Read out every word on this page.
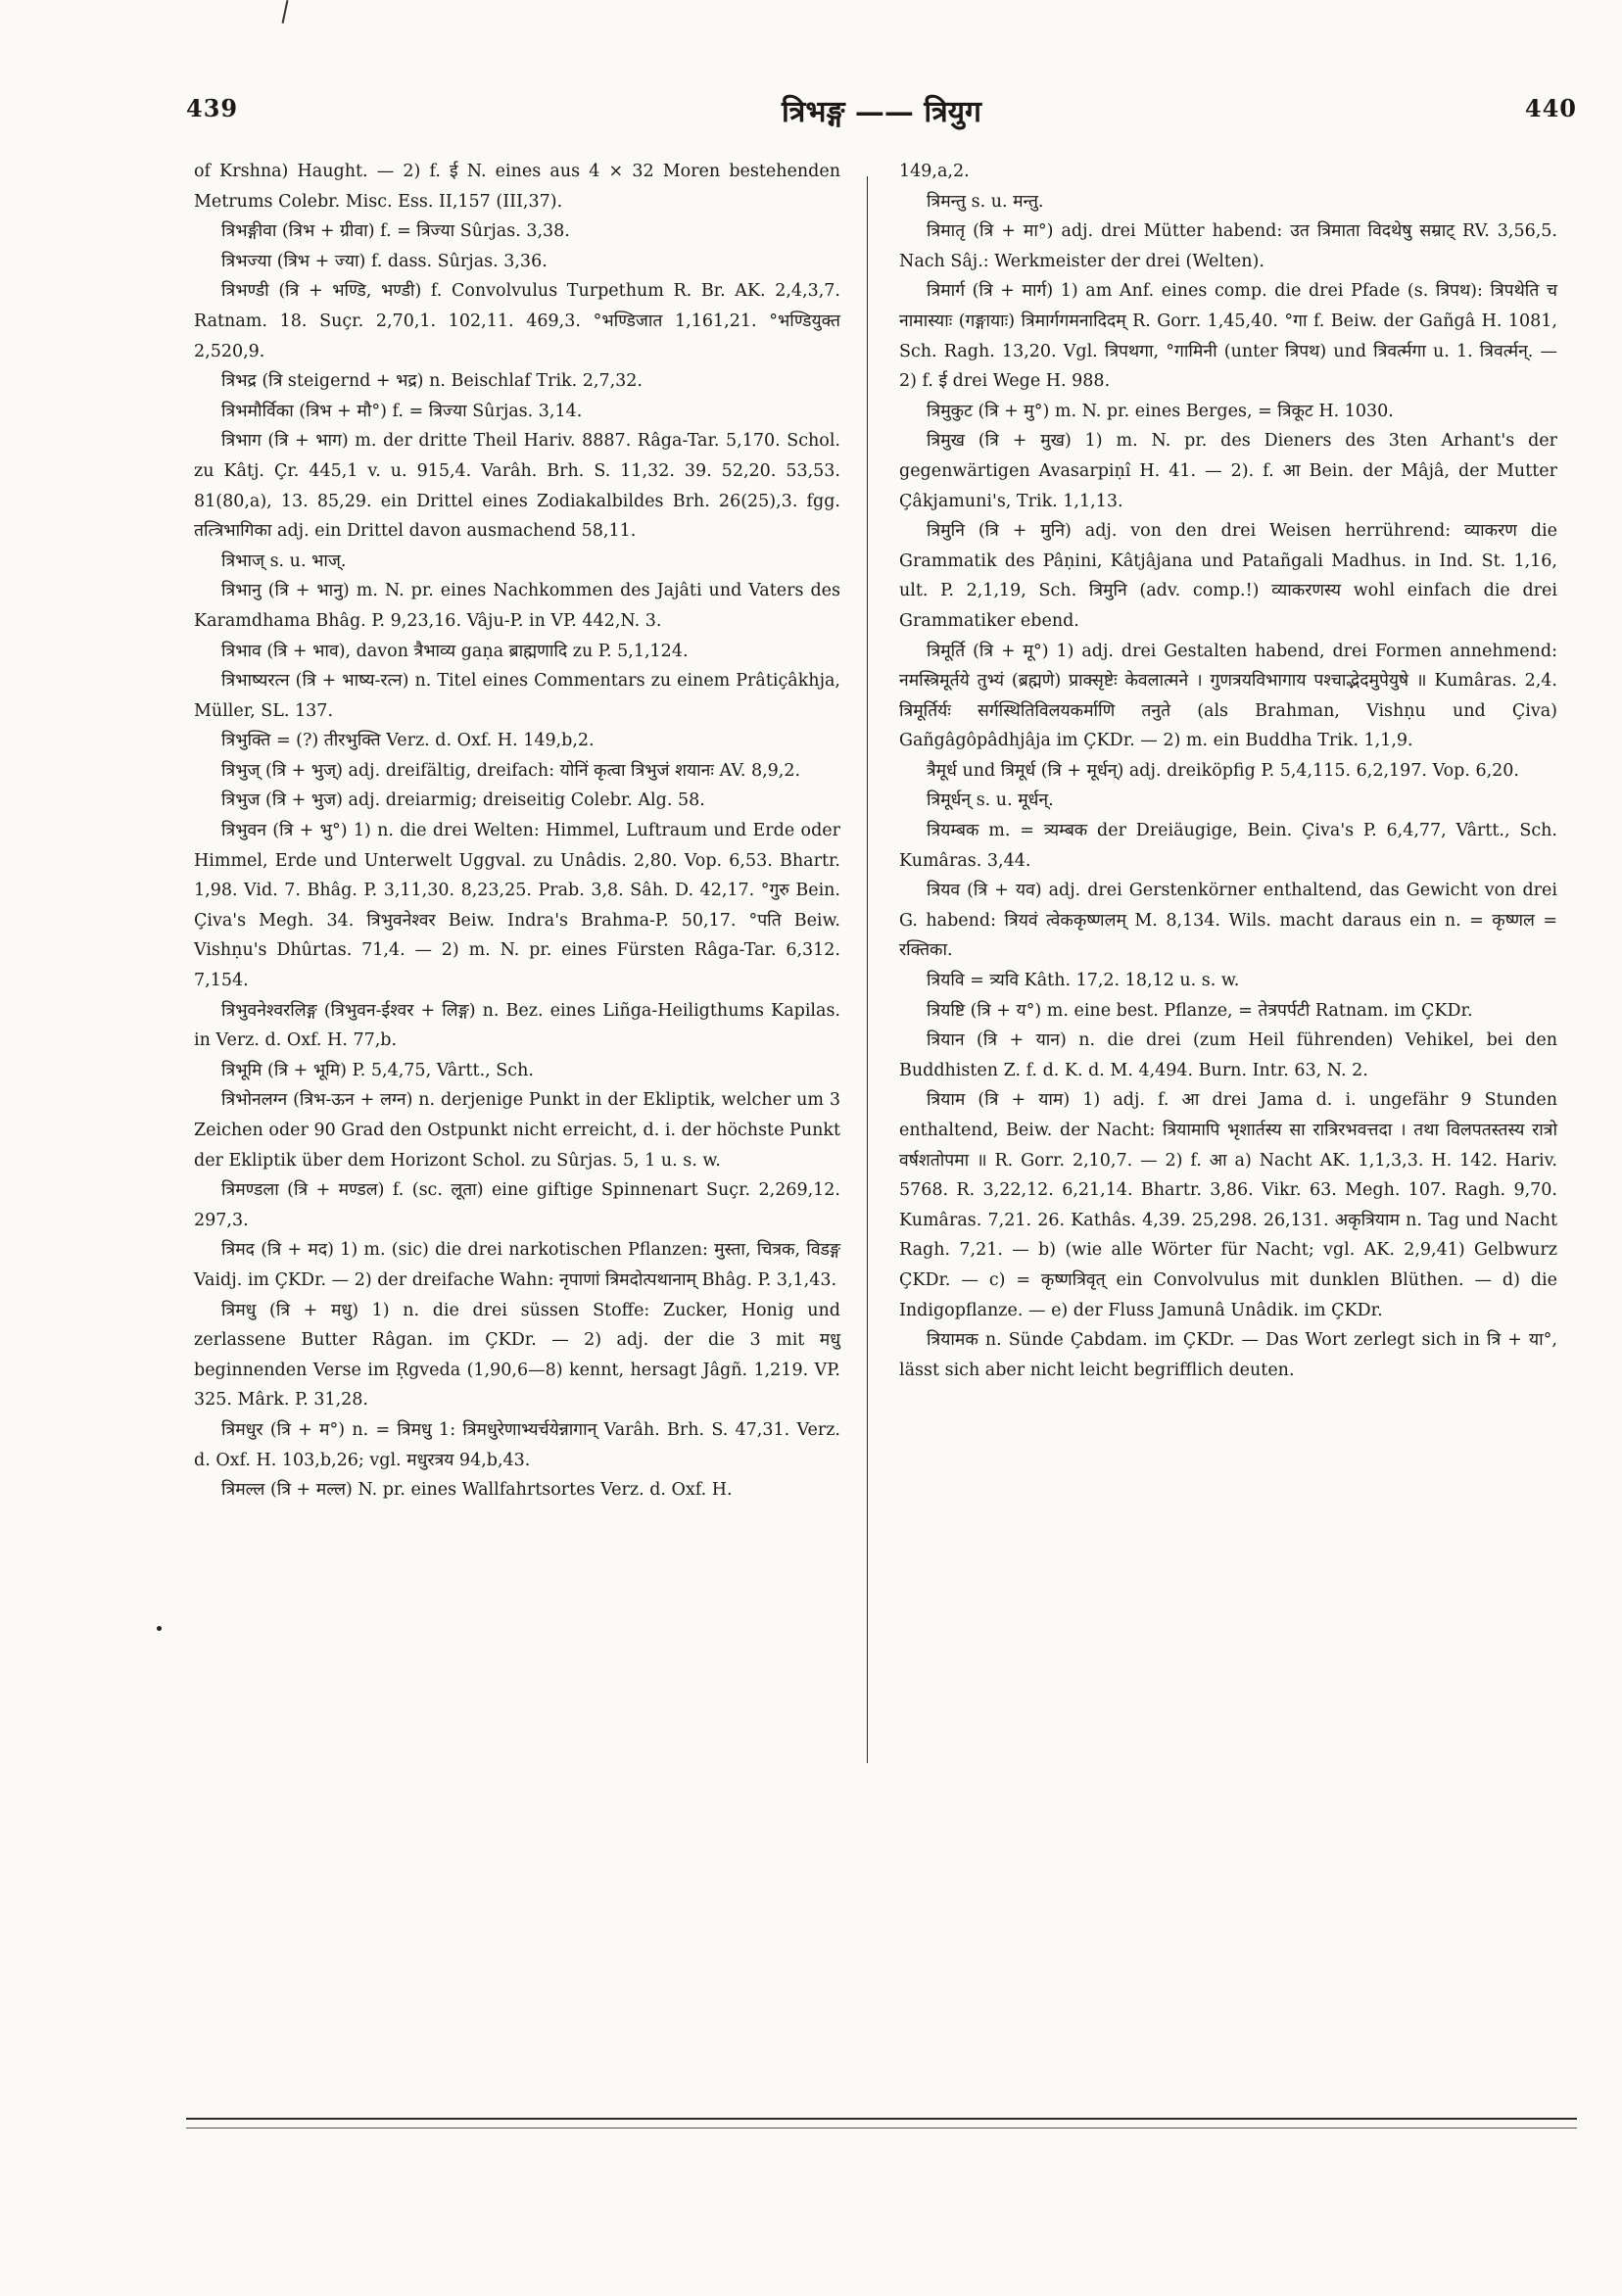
439	त्रिभङ्ग —— त्रियुग	440

of Krshna) Haught. — 2) f. ई N. eines aus 4 × 32 Moren bestehenden Metrums Colebr. Misc. Ess. II,157 (III,37).

त्रिभङ्गीवा (त्रिभ + ग्रीवा) f. = त्रिज्या Sûrjas. 3,38.

त्रिभज्या (त्रिभ + ज्या) f. dass. Sûrjas. 3,36.

त्रिभण्डी (त्रि + भण्डि, भण्डी) f. Convolvulus Turpethum R. Br. AK. 2,4,3,7. Ratnam. 18. Suçr. 2,70,1. 102,11. 469,3. °भण्डिजात 1,161,21. °भण्डियुक्त 2,520,9.

त्रिभद्र (त्रि steigernd + भद्र) n. Beischlaf Trik. 2,7,32.

त्रिभमौर्विका (त्रिभ + मौ°) f. = त्रिज्या Sûrjas. 3,14.

त्रिभाग (त्रि + भाग) m. der dritte Theil Hariv. 8887. Râga-Tar. 5,170. Schol. zu Kâtj. Çr. 445,1 v. u. 915,4. Varâh. Brh. S. 11,32. 39. 52,20. 53,53. 81(80,a), 13. 85,29. ein Drittel eines Zodiakalbildes Brh. 26(25),3. fgg. तत्त्रिभागिका adj. ein Drittel davon ausmachend 58,11.

त्रिभाज् s. u. भाज्.

त्रिभानु (त्रि + भानु) m. N. pr. eines Nachkommen des Jajâti und Vaters des Karamdhama Bhâg. P. 9,23,16. Vâju-P. in VP. 442,N. 3.

त्रिभाव (त्रि + भाव), davon त्रैभाव्य gaṇa ब्राह्मणादि zu P. 5,1,124.

त्रिभाष्यरत्न (त्रि + भाष्य-रत्न) n. Titel eines Commentars zu einem Prâtiçâkhja, Müller, SL. 137.

त्रिभुक्ति = (?) तीरभुक्ति Verz. d. Oxf. H. 149,b,2.

त्रिभुज् (त्रि + भुज्) adj. dreifältig, dreifach: योनिं कृत्वा त्रिभुजं शयानः AV. 8,9,2.

त्रिभुज (त्रि + भुज) adj. dreiarmig; dreiseitig Colebr. Alg. 58.

त्रिभुवन (त्रि + भु°) 1) n. die drei Welten: Himmel, Luftraum und Erde oder Himmel, Erde und Unterwelt Uggval. zu Unâdis. 2,80. Vop. 6,53. Bhartr. 1,98. Vid. 7. Bhâg. P. 3,11,30. 8,23,25. Prab. 3,8. Sâh. D. 42,17. °गुरु Bein. Çiva's Megh. 34. त्रिभुवनेश्वर Beiw. Indra's Brahma-P. 50,17. °पति Beiw. Vishṇu's Dhûrtas. 71,4. — 2) m. N. pr. eines Fürsten Râga-Tar. 6,312. 7,154.

त्रिभुवनेश्वरलिङ्ग (त्रिभुवन-ईश्वर + लिङ्ग) n. Bez. eines Liñga-Heiligthums Kapilas. in Verz. d. Oxf. H. 77,b.

त्रिभूमि (त्रि + भूमि) P. 5,4,75, Vârtt., Sch.

त्रिभोनलग्न (त्रिभ-ऊन + लग्न) n. derjenige Punkt in der Ekliptik, welcher um 3 Zeichen oder 90 Grad den Ostpunkt nicht erreicht, d. i. der höchste Punkt der Ekliptik über dem Horizont Schol. zu Sûrjas. 5, 1 u. s. w.

त्रिमण्डला (त्रि + मण्डल) f. (sc. लूता) eine giftige Spinnenart Suçr. 2,269,12. 297,3.

त्रिमद (त्रि + मद) 1) m. (sic) die drei narkotischen Pflanzen: मुस्ता, चित्रक, विडङ्ग Vaidj. im ÇKDr. — 2) der dreifache Wahn: नृपाणां त्रिमदोत्पथानाम् Bhâg. P. 3,1,43.

त्रिमधु (त्रि + मधु) 1) n. die drei süssen Stoffe: Zucker, Honig und zerlassene Butter Râgan. im ÇKDr. — 2) adj. der die 3 mit मधु beginnenden Verse im Ṛgveda (1,90,6—8) kennt, hersagt Jâgñ. 1,219. VP. 325. Mârk. P. 31,28.

त्रिमधुर (त्रि + म°) n. = त्रिमधु 1: त्रिमधुरेणाभ्यर्चयेन्नागान् Varâh. Brh. S. 47,31. Verz. d. Oxf. H. 103,b,26; vgl. मधुरत्रय 94,b,43.

त्रिमल्ल (त्रि + मल्ल) N. pr. eines Wallfahrtsortes Verz. d. Oxf. H.

149,a,2.

त्रिमन्तु s. u. मन्तु.

त्रिमातृ (त्रि + मा°) adj. drei Mütter habend: उत त्रिमाता विदथेषु सम्राट् RV. 3,56,5. Nach Sâj.: Werkmeister der drei (Welten).

त्रिमार्ग (त्रि + मार्ग) 1) am Anf. eines comp. die drei Pfade (s. त्रिपथ): त्रिपथेति च नामास्याः (गङ्गायाः) त्रिमार्गगमनादिदम् R. Gorr. 1,45,40. °गा f. Beiw. der Gañgâ H. 1081, Sch. Ragh. 13,20. Vgl. त्रिपथगा, °गामिनी (unter त्रिपथ) und त्रिवर्त्मगा u. 1. त्रिवर्त्मन्. — 2) f. ई drei Wege H. 988.

त्रिमुकुट (त्रि + मु°) m. N. pr. eines Berges, = त्रिकूट H. 1030.

त्रिमुख (त्रि + मुख) 1) m. N. pr. des Dieners des 3ten Arhant's der gegenwärtigen Avasarpiṇî H. 41. — 2). f. आ Bein. der Mâjâ, der Mutter Çâkjamuni's, Trik. 1,1,13.

त्रिमुनि (त्रि + मुनि) adj. von den drei Weisen herrührend: व्याकरण die Grammatik des Pâṇini, Kâtjâjana und Patañgali Madhus. in Ind. St. 1,16, ult. P. 2,1,19, Sch. त्रिमुनि (adv. comp.!) व्याकरणस्य wohl einfach die drei Grammatiker ebend.

त्रिमूर्ति (त्रि + मू°) 1) adj. drei Gestalten habend, drei Formen annehmend: नमस्त्रिमूर्तये तुभ्यं (ब्रह्मणे) प्राक्सृष्टेः केवलात्मने । गुणत्रयविभागाय पश्चाद्भेदमुपेयुषे ॥ Kumâras. 2,4. त्रिमूर्तिर्यः सर्गस्थितिविलयकर्माणि तनुते (als Brahman, Vishṇu und Çiva) Gañgâgôpâdhjâja im ÇKDr. — 2) m. ein Buddha Trik. 1,1,9.

त्रैमूर्ध und त्रिमूर्ध (त्रि + मूर्धन्) adj. dreiköpfig P. 5,4,115. 6,2,197. Vop. 6,20.

त्रिमूर्धन् s. u. मूर्धन्.

त्रियम्बक m. = त्र्यम्बक der Dreiäugige, Bein. Çiva's P. 6,4,77, Vârtt., Sch. Kumâras. 3,44.

त्रियव (त्रि + यव) adj. drei Gerstenkörner enthaltend, das Gewicht von drei G. habend: त्रियवं त्वेककृष्णलम् M. 8,134. Wils. macht daraus ein n. = कृष्णल = रक्तिका.

त्रियवि = त्र्यवि Kâth. 17,2. 18,12 u. s. w.

त्रियष्टि (त्रि + य°) m. eine best. Pflanze, = तेत्रपर्पटी Ratnam. im ÇKDr.

त्रियान (त्रि + यान) n. die drei (zum Heil führenden) Vehikel, bei den Buddhisten Z. f. d. K. d. M. 4,494. Burn. Intr. 63, N. 2.

त्रियाम (त्रि + याम) 1) adj. f. आ drei Jama d. i. ungefähr 9 Stunden enthaltend, Beiw. der Nacht: त्रियामापि भृशार्तस्य सा रात्रिरभवत्तदा । तथा विलपतस्तस्य रात्रो वर्षशतोपमा ॥ R. Gorr. 2,10,7. — 2) f. आ a) Nacht AK. 1,1,3,3. H. 142. Hariv. 5768. R. 3,22,12. 6,21,14. Bhartr. 3,86. Vikr. 63. Megh. 107. Ragh. 9,70. Kumâras. 7,21. 26. Kathâs. 4,39. 25,298. 26,131. अकृत्रियाम n. Tag und Nacht Ragh. 7,21. — b) (wie alle Wörter für Nacht; vgl. AK. 2,9,41) Gelbwurz ÇKDr. — c) = कृष्णत्रिवृत् ein Convolvulus mit dunklen Blüthen. — d) die Indigopflanze. — e) der Fluss Jamunâ Unâdik. im ÇKDr.

त्रियामक n. Sünde Çabdam. im ÇKDr. — Das Wort zerlegt sich in त्रि + या°, lässt sich aber nicht leicht begrifflich deuten.
